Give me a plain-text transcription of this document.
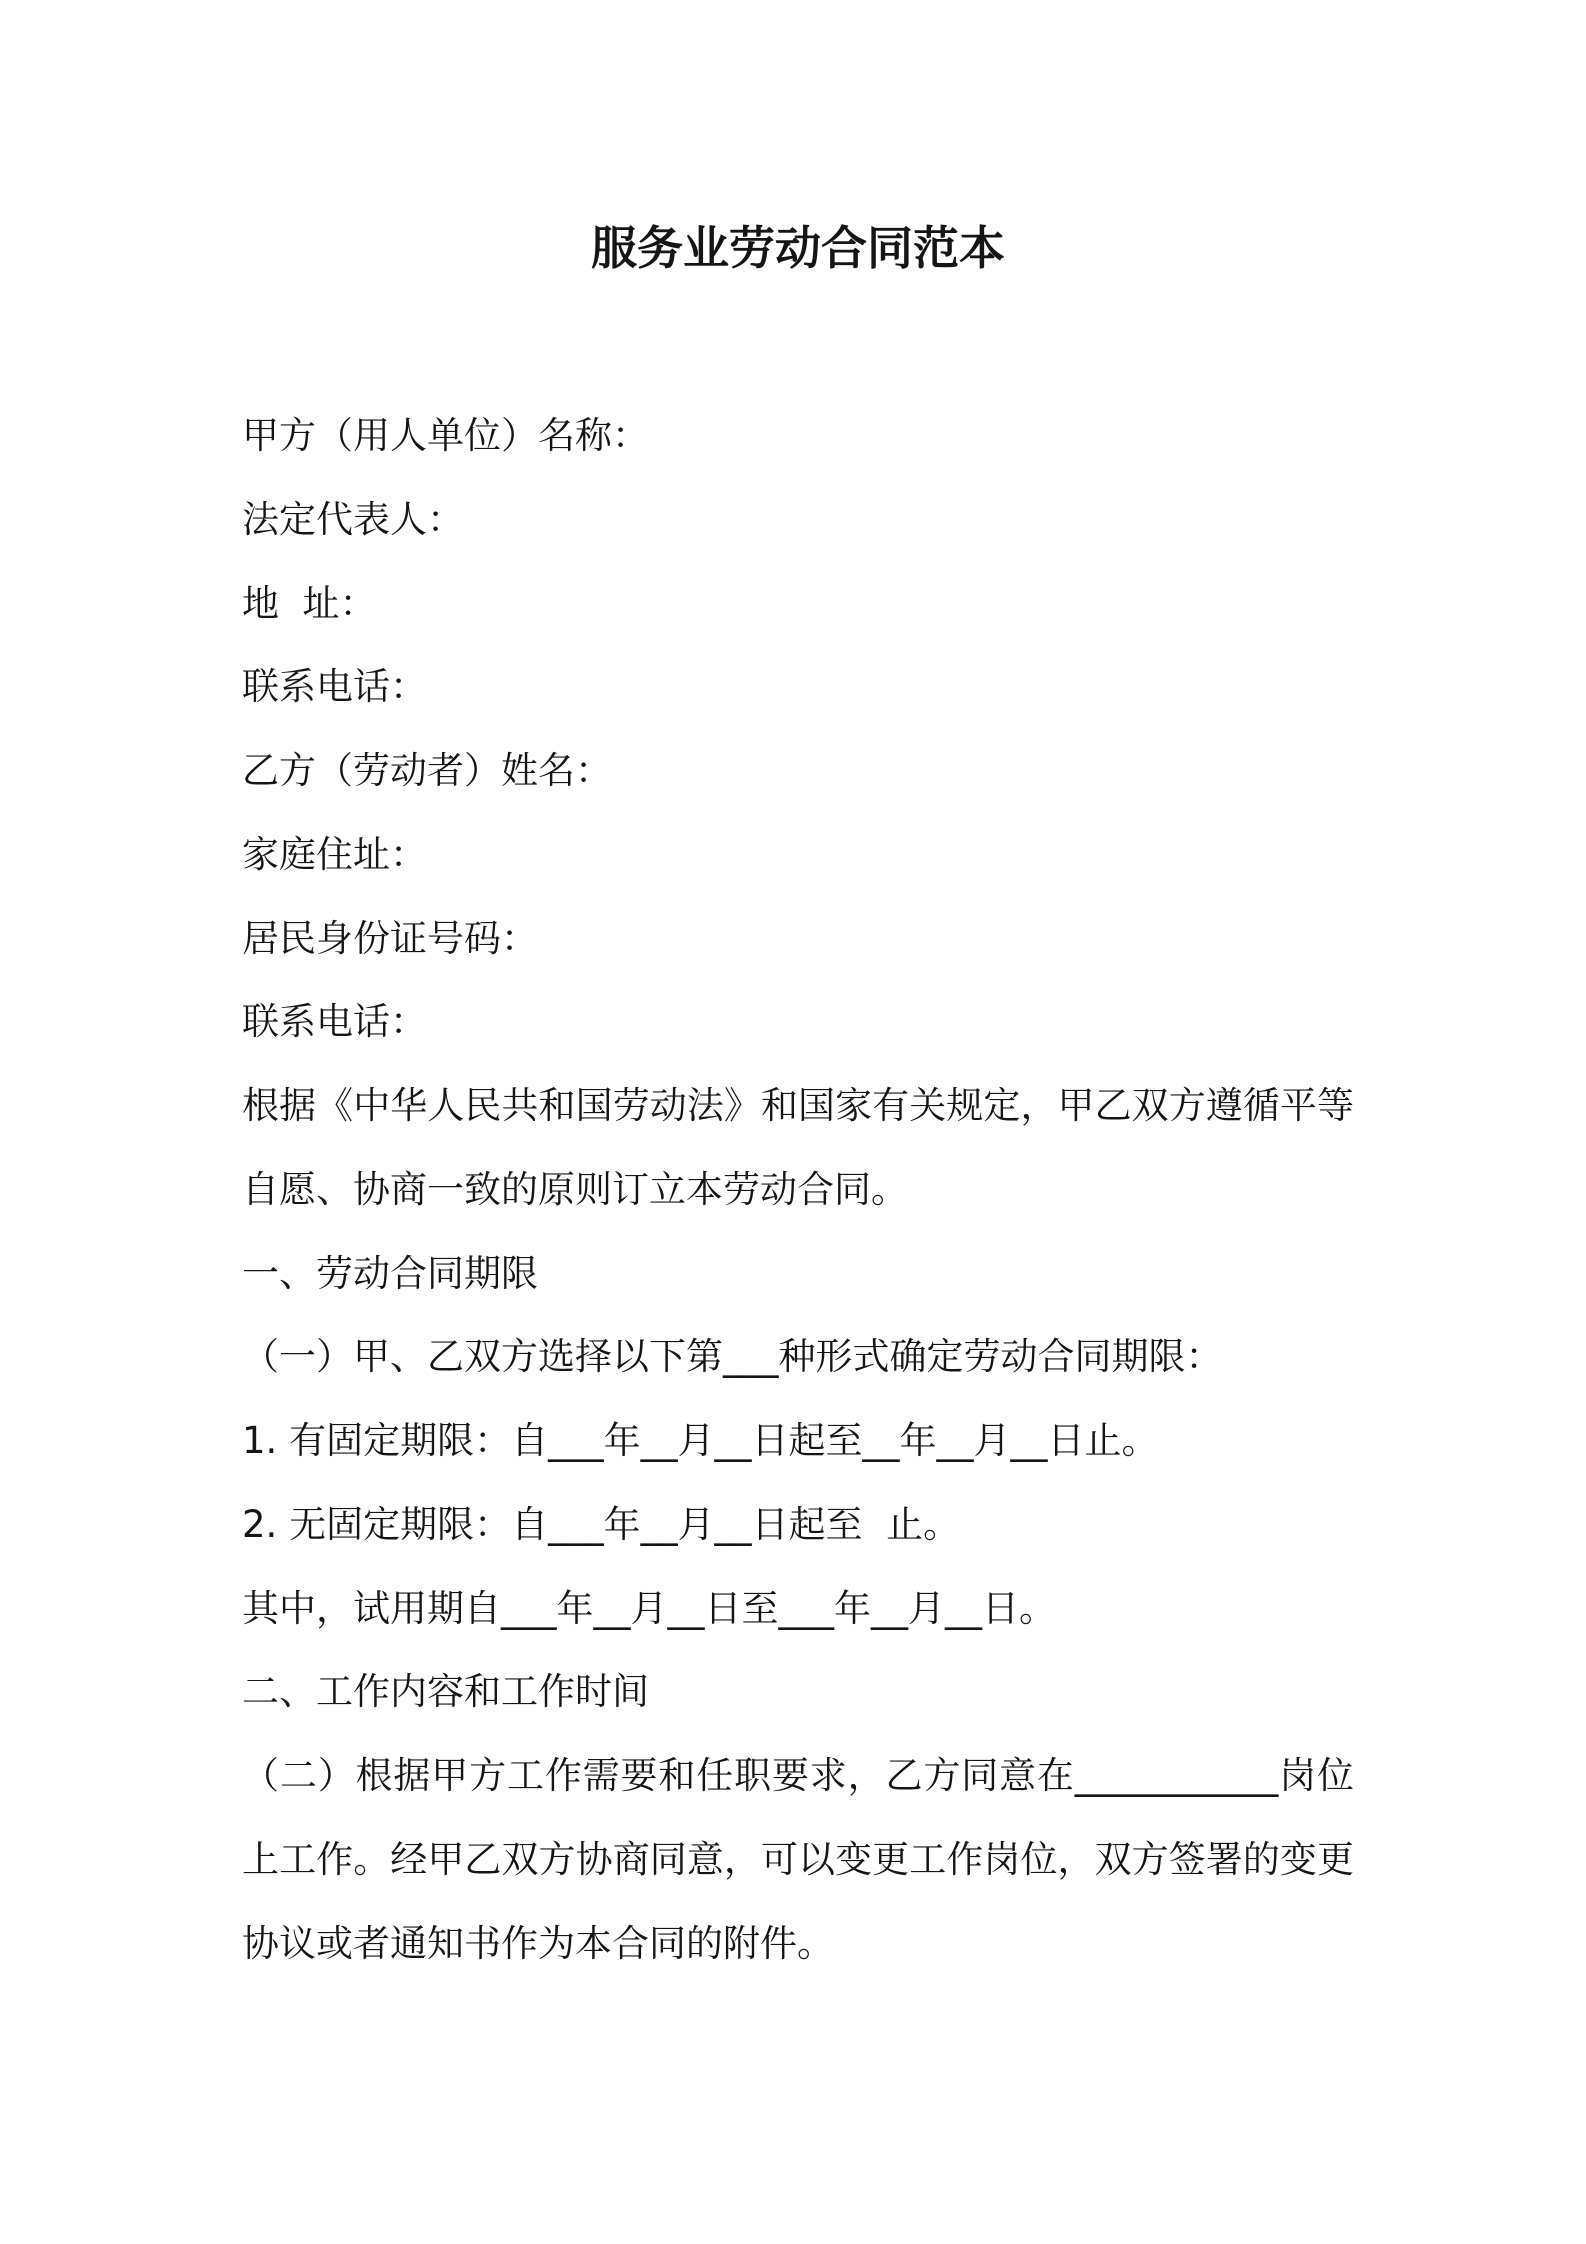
服务业劳动合同范本
甲方（用人单位）名称：
法定代表人：
地  址：
联系电话：
乙方（劳动者）姓名：
家庭住址：
居民身份证号码：
联系电话：
根据《中华人民共和国劳动法》和国家有关规定，甲乙双方遵循平等
自愿、协商一致的原则订立本劳动合同。
一、劳动合同期限
（一）甲、乙双方选择以下第___种形式确定劳动合同期限：
1. 有固定期限：自___年__月__日起至__年__月__日止。
2. 无固定期限：自___年__月__日起至  止。
其中，试用期自___年__月__日至___年__月__日。
二、工作内容和工作时间
（二）根据甲方工作需要和任职要求，乙方同意在___________岗位
上工作。经甲乙双方协商同意，可以变更工作岗位，双方签署的变更
协议或者通知书作为本合同的附件。
